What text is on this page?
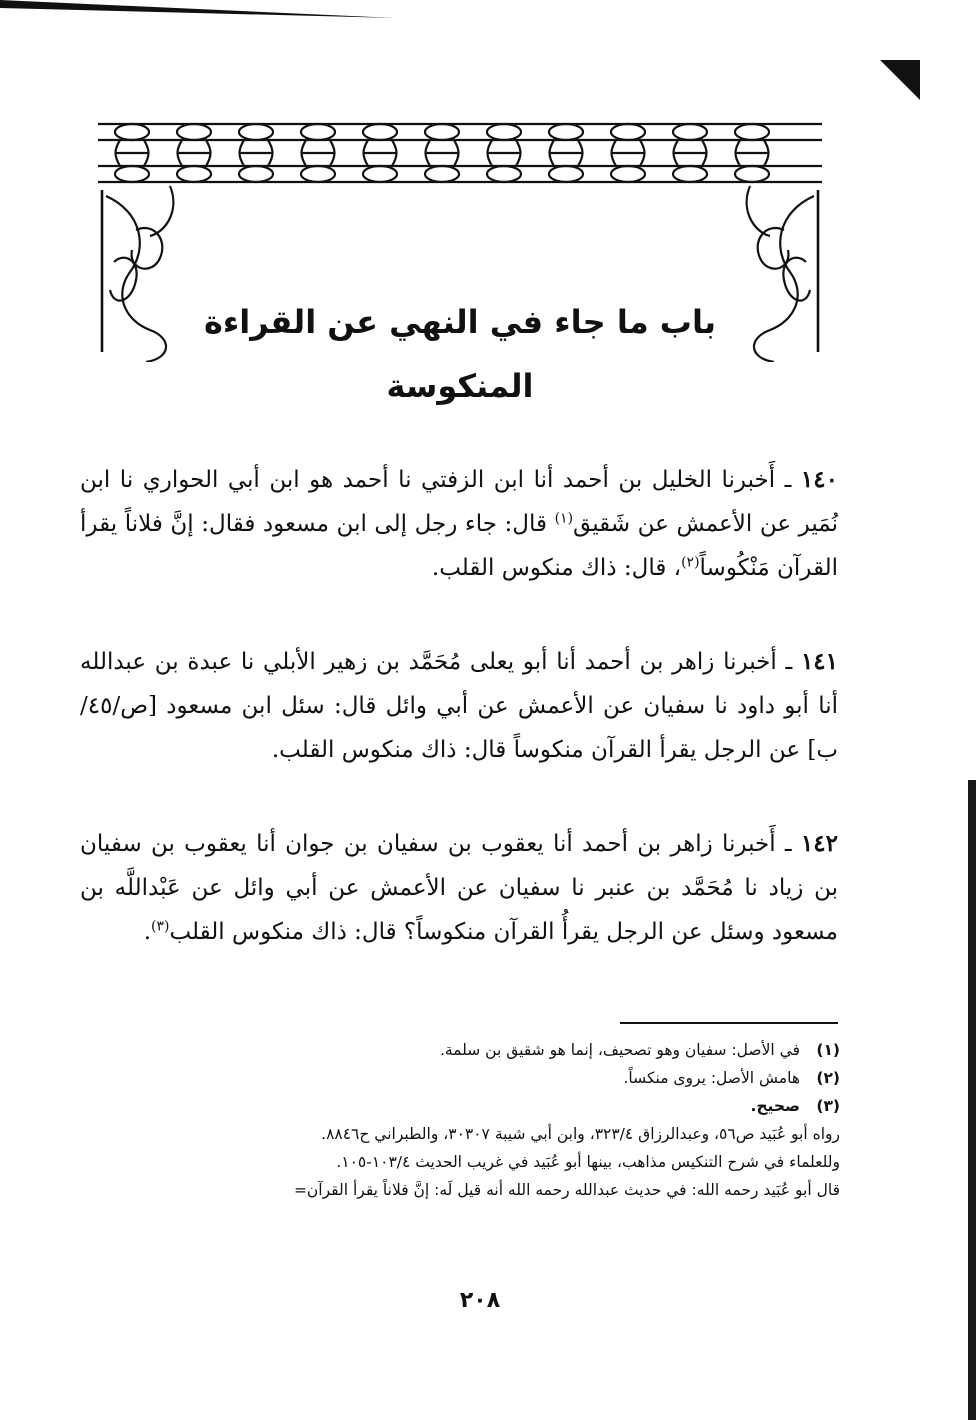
باب ما جاء في النهي عن القراءة المنكوسة

١٤٠ ـ أَخبرنا الخليل بن أحمد أنا ابن الزفتي نا أحمد هو ابن أبي الحواري نا ابن نُمَير عن الأعمش عن شَقيق$^{(١)}$ قال: جاء رجل إلى ابن مسعود فقال: إنَّ فلاناً يقرأ القرآن مَنْكُوساً$^{(٢)}$، قال: ذاك منكوس القلب.

١٤١ ـ أخبرنا زاهر بن أحمد أنا أبو يعلى مُحَمَّد بن زهير الأبلي نا عبدة بن عبدالله أنا أبو داود نا سفيان عن الأعمش عن أبي وائل قال: سئل ابن مسعود [ص/٤٥/ب] عن الرجل يقرأ القرآن منكوساً قال: ذاك منكوس القلب.

١٤٢ ـ أَخبرنا زاهر بن أحمد أنا يعقوب بن سفيان بن جوان أنا يعقوب بن سفيان بن زياد نا مُحَمَّد بن عنبر نا سفيان عن الأعمش عن أبي وائل عن عَبْداللَّه بن مسعود وسئل عن الرجل يقرأُ القرآن منكوساً؟ قال: ذاك منكوس القلب$^{(٣)}$.

(١)في الأصل: سفيان وهو تصحيف، إنما هو شقيق بن سلمة.
(٢)هامش الأصل: يروى منكساً.
(٣)صحيح.
رواه أبو عُبَيد ص٥٦، وعبدالرزاق ٣٢٣/٤، وابن أبي شيبة ٣٠٣٠٧، والطبراني ح٨٨٤٦.
وللعلماء في شرح التنكيس مذاهب، بينها أبو عُبَيد في غريب الحديث ١٠٣/٤-١٠٥.
قال أبو عُبَيد رحمه الله: في حديث عبدالله رحمه الله أنه قيل لَه: إنَّ فلاناً يقرأ القرآن=

٢٠٨
